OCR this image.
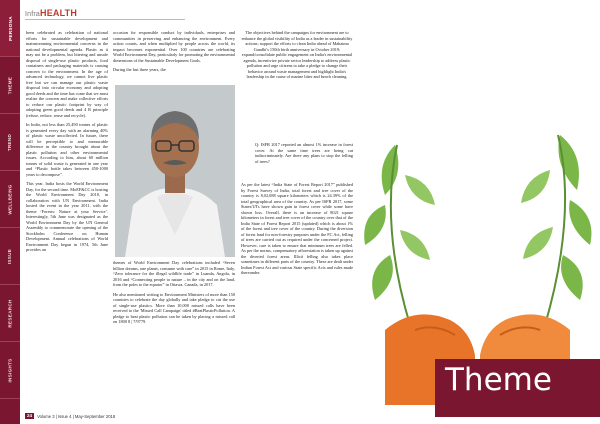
PERSONA
THEME
TREND
WELLBEING
ISSUE
RESEARCH
INSIGHTS
InfraHEALTH

been celebrated as celebration of national efforts for sustainable development and mainstreaming environmental concerns in the national developmental agenda. Plastic as it may not be a problem, but littering and unsafe disposal of single-use plastic products, food containers and packaging materials is causing concern to the environment. In the age of advanced technology, we cannot live plastic free but we can manage our plastic waste disposal into circular economy and adopting good deeds and the time has come that we must realize the concern and make collective efforts to reduce our plastic footprint by way of adopting green good deeds and 4 R principle (refuse, reduce, reuse and recycle).

In India, not less than 25,490 tonnes of plastic is generated every day with an alarming 40% of plastic waste uncollected. In future, there will be perceptible to and measurable difference in the country brought about the plastic pollution and other environmental issues. According to him, about 60 million tonnes of solid waste is generated in one year and “Plastic bottle takes between 450-1000 years to decompose”.

This year, India hosts the World Environment Day, for the second time. MoEF&CC is hosting the World Environment Day 2018, in collaboration with UN Environment. India hosted the event in the year 2011, with the theme ‘Forests: Nature at your Service’. Interestingly, 5th June was designated as the World Environment Day by the UN General Assembly to commemorate the opening of the Stockholm Conference on Human Development. Annual celebrations of World Environment Day began in 1974, 5th June provides an

occasion for responsible conduct by individuals, enterprises and communities in preserving and enhancing the environment. Every action counts, and when multiplied by people across the world, its impact becomes exponential. Over 100 countries are celebrating World Environment Day, particularly for promoting the environmental dimensions of the Sustainable Development Goals.

During the last three years, the

themes of World Environment Day celebrations included “Seven billion dreams, one planet, consume with care” in 2015 in Rome, Italy, “Zero tolerance for the illegal wildlife trade” in Luanda, Angola, in 2016 and “Connecting people to nature – in the city and on the land, from the poles to the equator” in Ottawa, Canada, in 2017.

He also mentioned writing to Environment Ministers of more than 150 countries to celebrate the day globally and take pledge to cut the use of single-use plastics. More than 10,000 missed calls have been received to the 'Missed Call Campaign' titled #BeatPlasticPollution. A pledge to beat plastic pollution can be taken by placing a missed call on 1800 8 | 7/9779.

The objectives behind the campaigns for environment are to enhance the global visibility of India as a leader in sustainability actions; support the efforts to clean India ahead of Mahatma Gandhi's 150th birth anniversary in October 2019; expand/consolidate public engagement on India's environmental agenda, incentivize private sector leadership to address plastic pollution and urge citizens to take a pledge to change their behavior around waste management and highlight India's leadership in the cause of marine litter and beach cleaning.

Q: ISFR 2017 reported an almost 1% increase in forest cover. At the same time trees are being cut indiscriminately. Are there any plans to stop the felling of trees?

As per the latest “India State of Forest Report 2017” published by Forest Survey of India, total forest and tree cover of the country is 8,02,088 square kilometers which is 24.39% of the total geographical area of the country. As per ISFR 2017, some States/UTs have shown gain in forest cover while some have shown loss. Overall, there is an increase of 8021 square kilometers in forest and tree cover of the country over that of the India State of Forest Report 2015 (updated) which is about 1% of the forest and tree cover of the country. During the diversion of forest land for non-forestry purposes under the FC Act, felling of trees are carried out as required under the concerned project. However, care is taken to ensure that minimum trees are felled. As per the norms, compensatory afforestation is taken up against the diverted forest areas. Illicit felling also takes place sometimes in different parts of the country. These are dealt under Indian Forest Act and various State specific Acts and rules made thereunder.

Theme
24	Volume 3 | Issue 4 | May-September 2018
